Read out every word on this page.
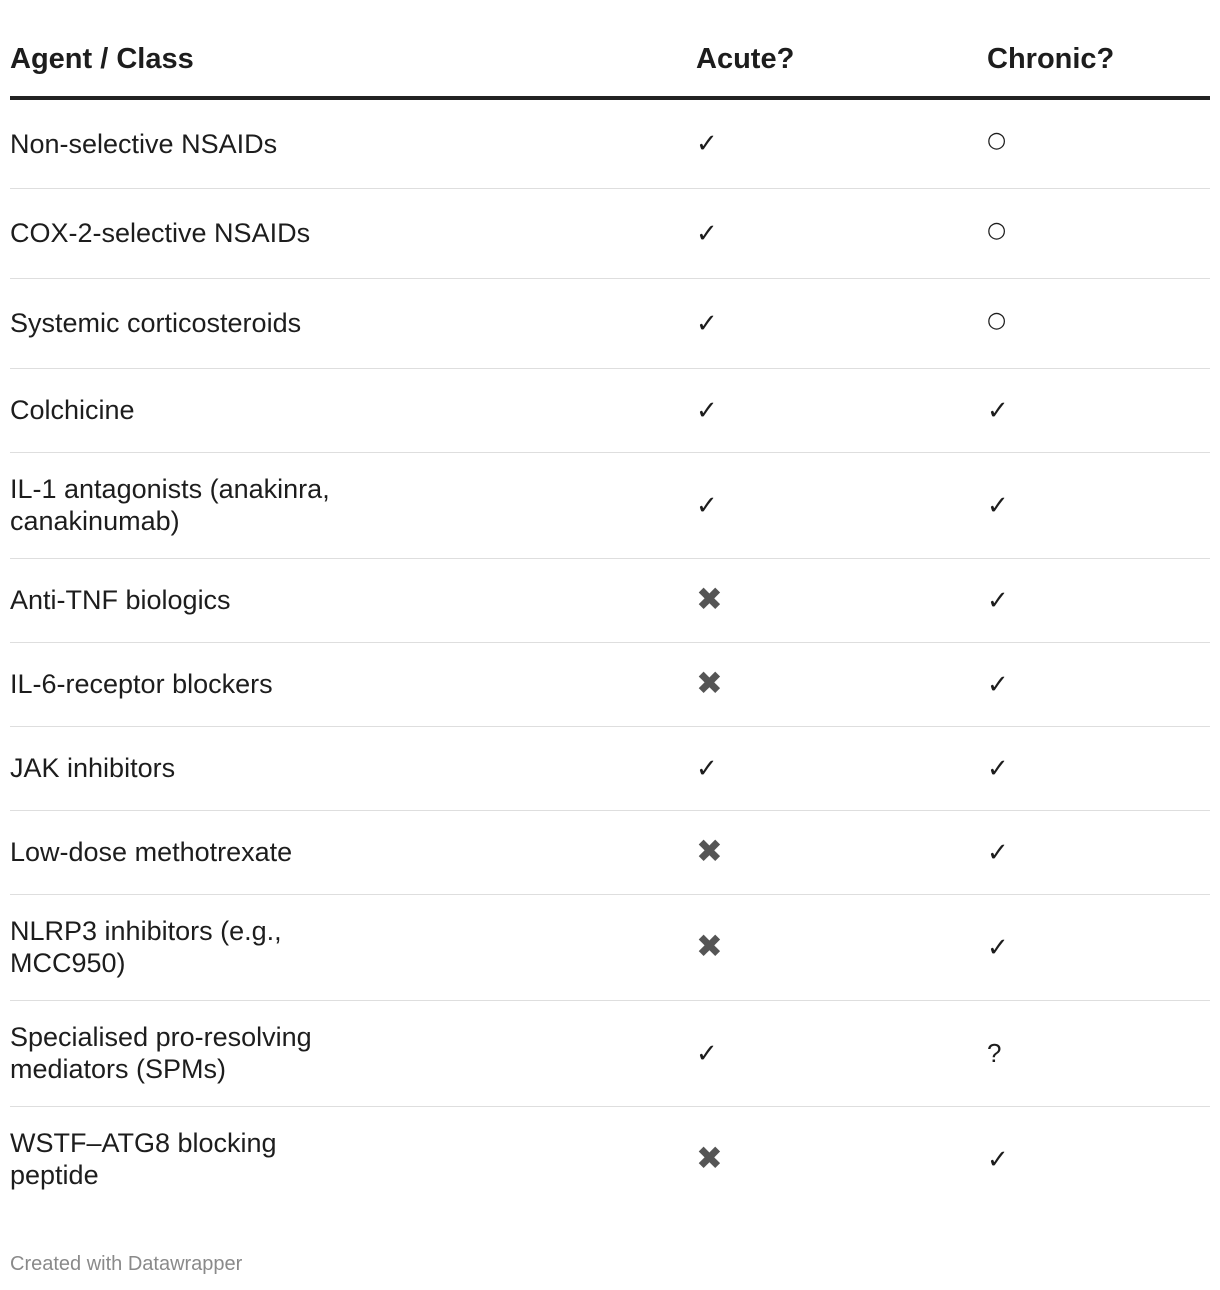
Agent / Class	Acute?	Chronic?

Non-selective NSAIDs	✓	○

COX-2-selective NSAIDs	✓	○

Systemic corticosteroids	✓	○

Colchicine	✓	✓

IL-1 antagonists (anakinra, canakinumab)	✓	✓

Anti-TNF biologics	✖	✓

IL-6-receptor blockers	✖	✓

JAK inhibitors	✓	✓

Low-dose methotrexate	✖	✓

NLRP3 inhibitors (e.g., MCC950)	✖	✓

Specialised pro-resolving mediators (SPMs)	✓	?

WSTF–ATG8 blocking peptide	✖	✓
Created with Datawrapper
